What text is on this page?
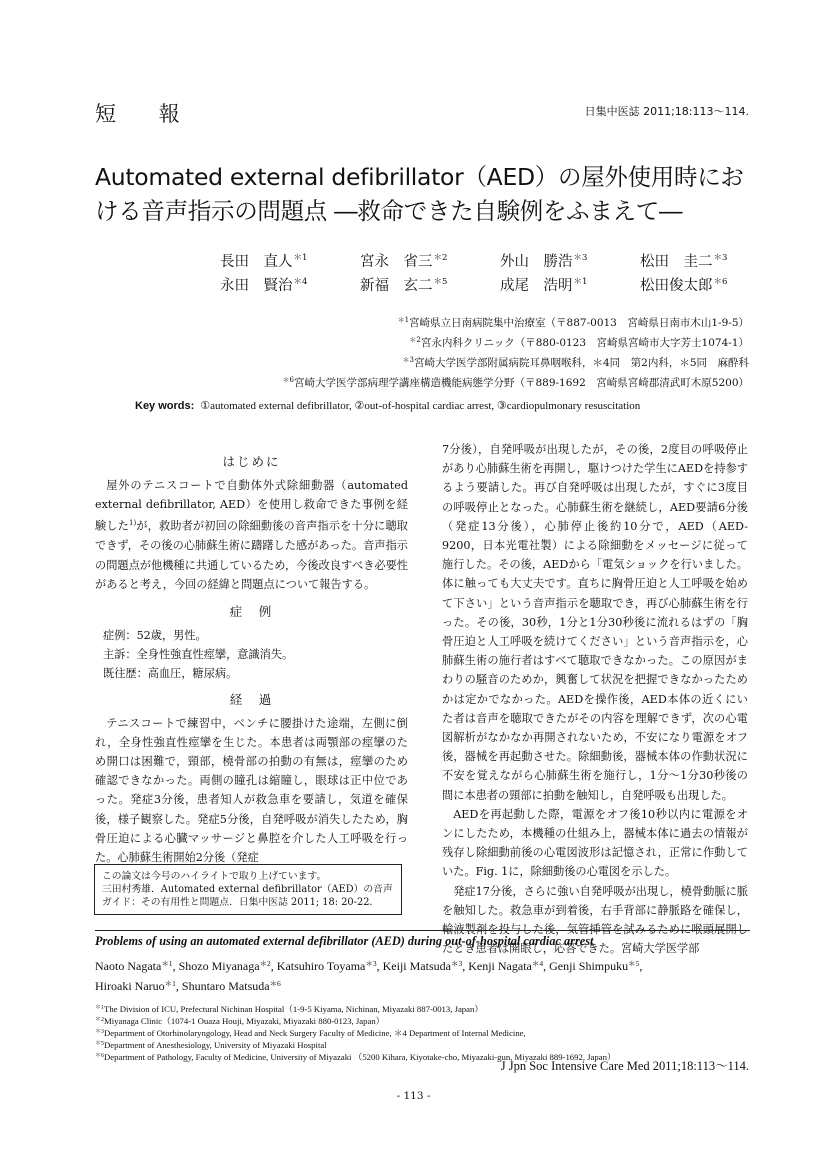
短 報	日集中医誌 2011;18:113～114.
Automated external defibrillator（AED）の屋外使用時における音声指示の問題点 ―救命できた自験例をふまえて―
長田　直人$^{*1}$	宮永　省三$^{*2}$	外山　勝浩$^{*3}$	松田　圭二$^{*3}$
永田　賢治$^{*4}$	新福　玄二$^{*5}$	成尾　浩明$^{*1}$	松田俊太郎$^{*6}$
$^{*1}$宮崎県立日南病院集中治療室（〒887-0013　宮崎県日南市木山1-9-5）
$^{*2}$宮永内科クリニック（〒880-0123　宮崎県宮崎市大字芳士1074-1）
$^{*3}$宮崎大学医学部附属病院耳鼻咽喉科，＊4同　第2内科，＊5同　麻酔科
$^{*6}$宮崎大学医学部病理学講座構造機能病態学分野（〒889-1692　宮崎県宮崎郡清武町木原5200）
Key words: ①automated external defibrillator, ②out-of-hospital cardiac arrest, ③cardiopulmonary resuscitation
はじめに

屋外のテニスコートで自動体外式除細動器（automated external defibrillator, AED）を使用し救命できた事例を経験した$^{1)}$が，救助者が初回の除細動後の音声指示を十分に聴取できず，その後の心肺蘇生術に躊躇した感があった。音声指示の問題点が他機種に共通しているため，今後改良すべき必要性があると考え，今回の経緯と問題点について報告する。

症　例

症例：52歳，男性。

主訴：全身性強直性痙攣，意識消失。

既往歴：高血圧，糖尿病。

経　過

テニスコートで練習中，ベンチに腰掛けた途端，左側に倒れ，全身性強直性痙攣を生じた。本患者は両顎部の痙攣のため開口は困難で，頸部，橈骨部の拍動の有無は，痙攣のため確認できなかった。両側の瞳孔は縮瞳し，眼球は正中位であった。発症3分後，患者知人が救急車を要請し，気道を確保後，様子観察した。発症5分後，自発呼吸が消失したため，胸骨圧迫による心臓マッサージと鼻腔を介した人工呼吸を行った。心肺蘇生術開始2分後（発症

この論文は今号のハイライトで取り上げています。
三田村秀雄．Automated external defibrillator（AED）の音声ガイド：その有用性と問題点．日集中医誌 2011; 18: 20-22.

7分後），自発呼吸が出現したが，その後，2度目の呼吸停止があり心肺蘇生術を再開し，駆けつけた学生にAEDを持参するよう要請した。再び自発呼吸は出現したが，すぐに3度目の呼吸停止となった。心肺蘇生術を継続し，AED要請6分後（発症13分後），心肺停止後約10分で，AED（AED-9200，日本光電社製）による除細動をメッセージに従って施行した。その後，AEDから「電気ショックを行いました。体に触っても大丈夫です。直ちに胸骨圧迫と人工呼吸を始めて下さい」という音声指示を聴取でき，再び心肺蘇生術を行った。その後，30秒，1分と1分30秒後に流れるはずの「胸骨圧迫と人工呼吸を続けてください」という音声指示を，心肺蘇生術の施行者はすべて聴取できなかった。この原因がまわりの騒音のためか，興奮して状況を把握できなかったためかは定かでなかった。AEDを操作後，AED本体の近くにいた者は音声を聴取できたがその内容を理解できず，次の心電図解析がなかなか再開されないため，不安になり電源をオフ後，器械を再起動させた。除細動後，器械本体の作動状況に不安を覚えながら心肺蘇生術を施行し，1分～1分30秒後の間に本患者の頸部に拍動を触知し，自発呼吸も出現した。

AEDを再起動した際，電源をオフ後10秒以内に電源をオンにしたため，本機種の仕組み上，器械本体に過去の情報が残存し除細動前後の心電図波形は記憶され，正常に作動していた。Fig. 1に，除細動後の心電図を示した。

発症17分後，さらに強い自発呼吸が出現し，橈骨動脈に脈を触知した。救急車が到着後，右手背部に静脈路を確保し，輸液製剤を投与した後，気管挿管を試みるために喉頭展開したとき患者は開眼し，応答できた。宮崎大学医学部

Problems of using an automated external defibrillator (AED) during out-of-hospital cardiac arrest
Naoto Nagata$^{*1}$, Shozo Miyanaga$^{*2}$, Katsuhiro Toyama$^{*3}$, Keiji Matsuda$^{*3}$, Kenji Nagata$^{*4}$, Genji Shimpuku$^{*5}$,
Hiroaki Naruo$^{*1}$, Shuntaro Matsuda$^{*6}$
$^{*1}$The Division of ICU, Prefectural Nichinan Hospital（1-9-5 Kiyama, Nichinan, Miyazaki 887-0013, Japan）
$^{*2}$Miyanaga Clinic（1074-1 Ouaza Houji, Miyazaki, Miyazaki 880-0123, Japan）
$^{*3}$Department of Otorhinolaryngology, Head and Neck Surgery Faculty of Medicine, ＊4 Department of Internal Medicine,
$^{*5}$Department of Anesthesiology, University of Miyazaki Hospital
$^{*6}$Department of Pathology, Faculty of Medicine, University of Miyazaki （5200 Kihara, Kiyotake-cho, Miyazaki-gun, Miyazaki 889-1692, Japan）
J Jpn Soc Intensive Care Med 2011;18:113～114.
- 113 -
